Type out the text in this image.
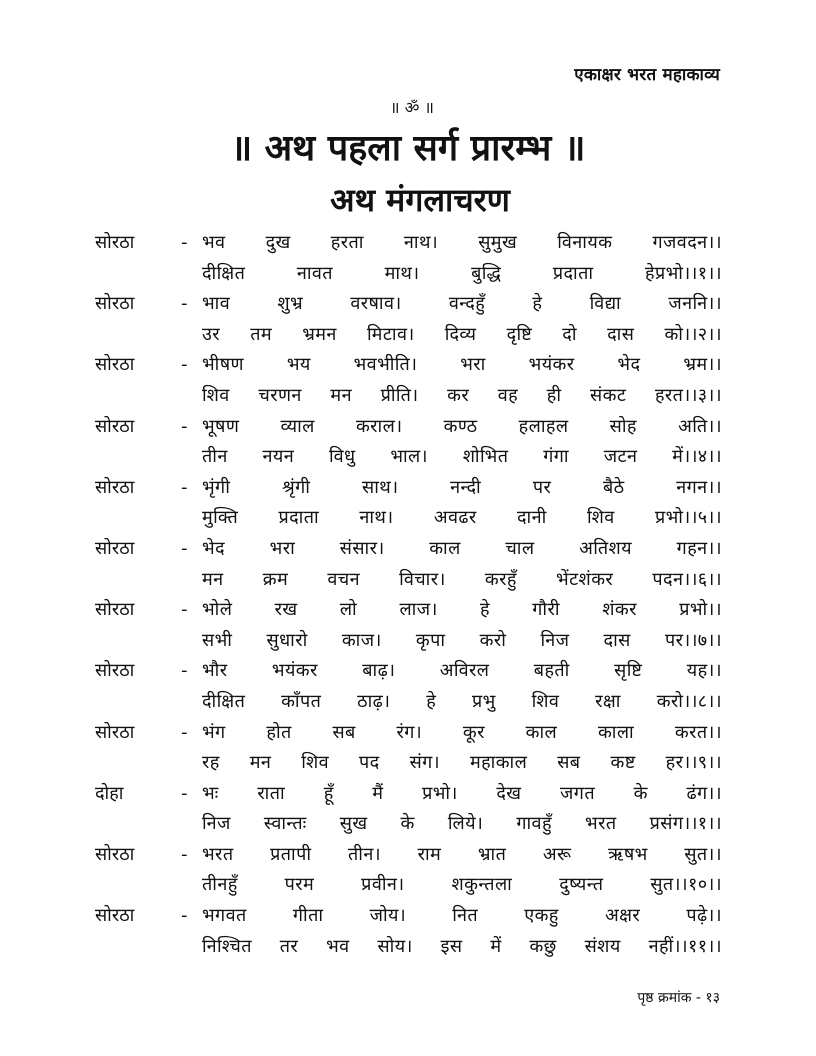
एकाक्षर भरत महाकाव्य
॥ ॐ ॥
॥ अथ पहला सर्ग प्रारम्भ ॥
अथ मंगलाचरण
सोरठा	- भव दुख हरता नाथ। सुमुख विनायक गजवदन।।
दीक्षित नावत माथ। बुद्धि प्रदाता हेप्रभो।।१।।
सोरठा	- भाव शुभ्र वरषाव। वन्दहुँ हे विद्या जननि।।
उर तम भ्रमन मिटाव। दिव्य दृष्टि दो दास को।।२।।
सोरठा	- भीषण भय भवभीति। भरा भयंकर भेद भ्रम।।
शिव चरणन मन प्रीति। कर वह ही संकट हरत।।३।।
सोरठा	- भूषण व्याल कराल। कण्ठ हलाहल सोह अति।।
तीन नयन विधु भाल। शोभित गंगा जटन में।।४।।
सोरठा	- भृंगी श्रृंगी साथ। नन्दी पर बैठे नगन।।
मुक्ति प्रदाता नाथ। अवढर दानी शिव प्रभो।।५।।
सोरठा	- भेद भरा संसार। काल चाल अतिशय गहन।।
मन क्रम वचन विचार। करहुँ भेंटशंकर पदन।।६।।
सोरठा	- भोले रख लो लाज। हे गौरी शंकर प्रभो।।
सभी सुधारो काज। कृपा करो निज दास पर।।७।।
सोरठा	- भौर भयंकर बाढ़। अविरल बहती सृष्टि यह।।
दीक्षित काँपत ठाढ़। हे प्रभु शिव रक्षा करो।।८।।
सोरठा	- भंग होत सब रंग। कूर काल काला करत।।
रह मन शिव पद संग। महाकाल सब कष्ट हर।।९।।
दोहा	- भः राता हूँ मैं प्रभो। देख जगत के ढंग।।
निज स्वान्तः सुख के लिये। गावहुँ भरत प्रसंग।।१।।
सोरठा	- भरत प्रतापी तीन। राम भ्रात अरू ऋषभ सुत।।
तीनहुँ परम प्रवीन। शकुन्तला दुष्यन्त सुत।।१०।।
सोरठा	- भगवत गीता जोय। नित एकहु अक्षर पढ़े।।
निश्चित तर भव सोय। इस में कछु संशय नहीं।।११।।
पृष्ठ क्रमांक - १३
